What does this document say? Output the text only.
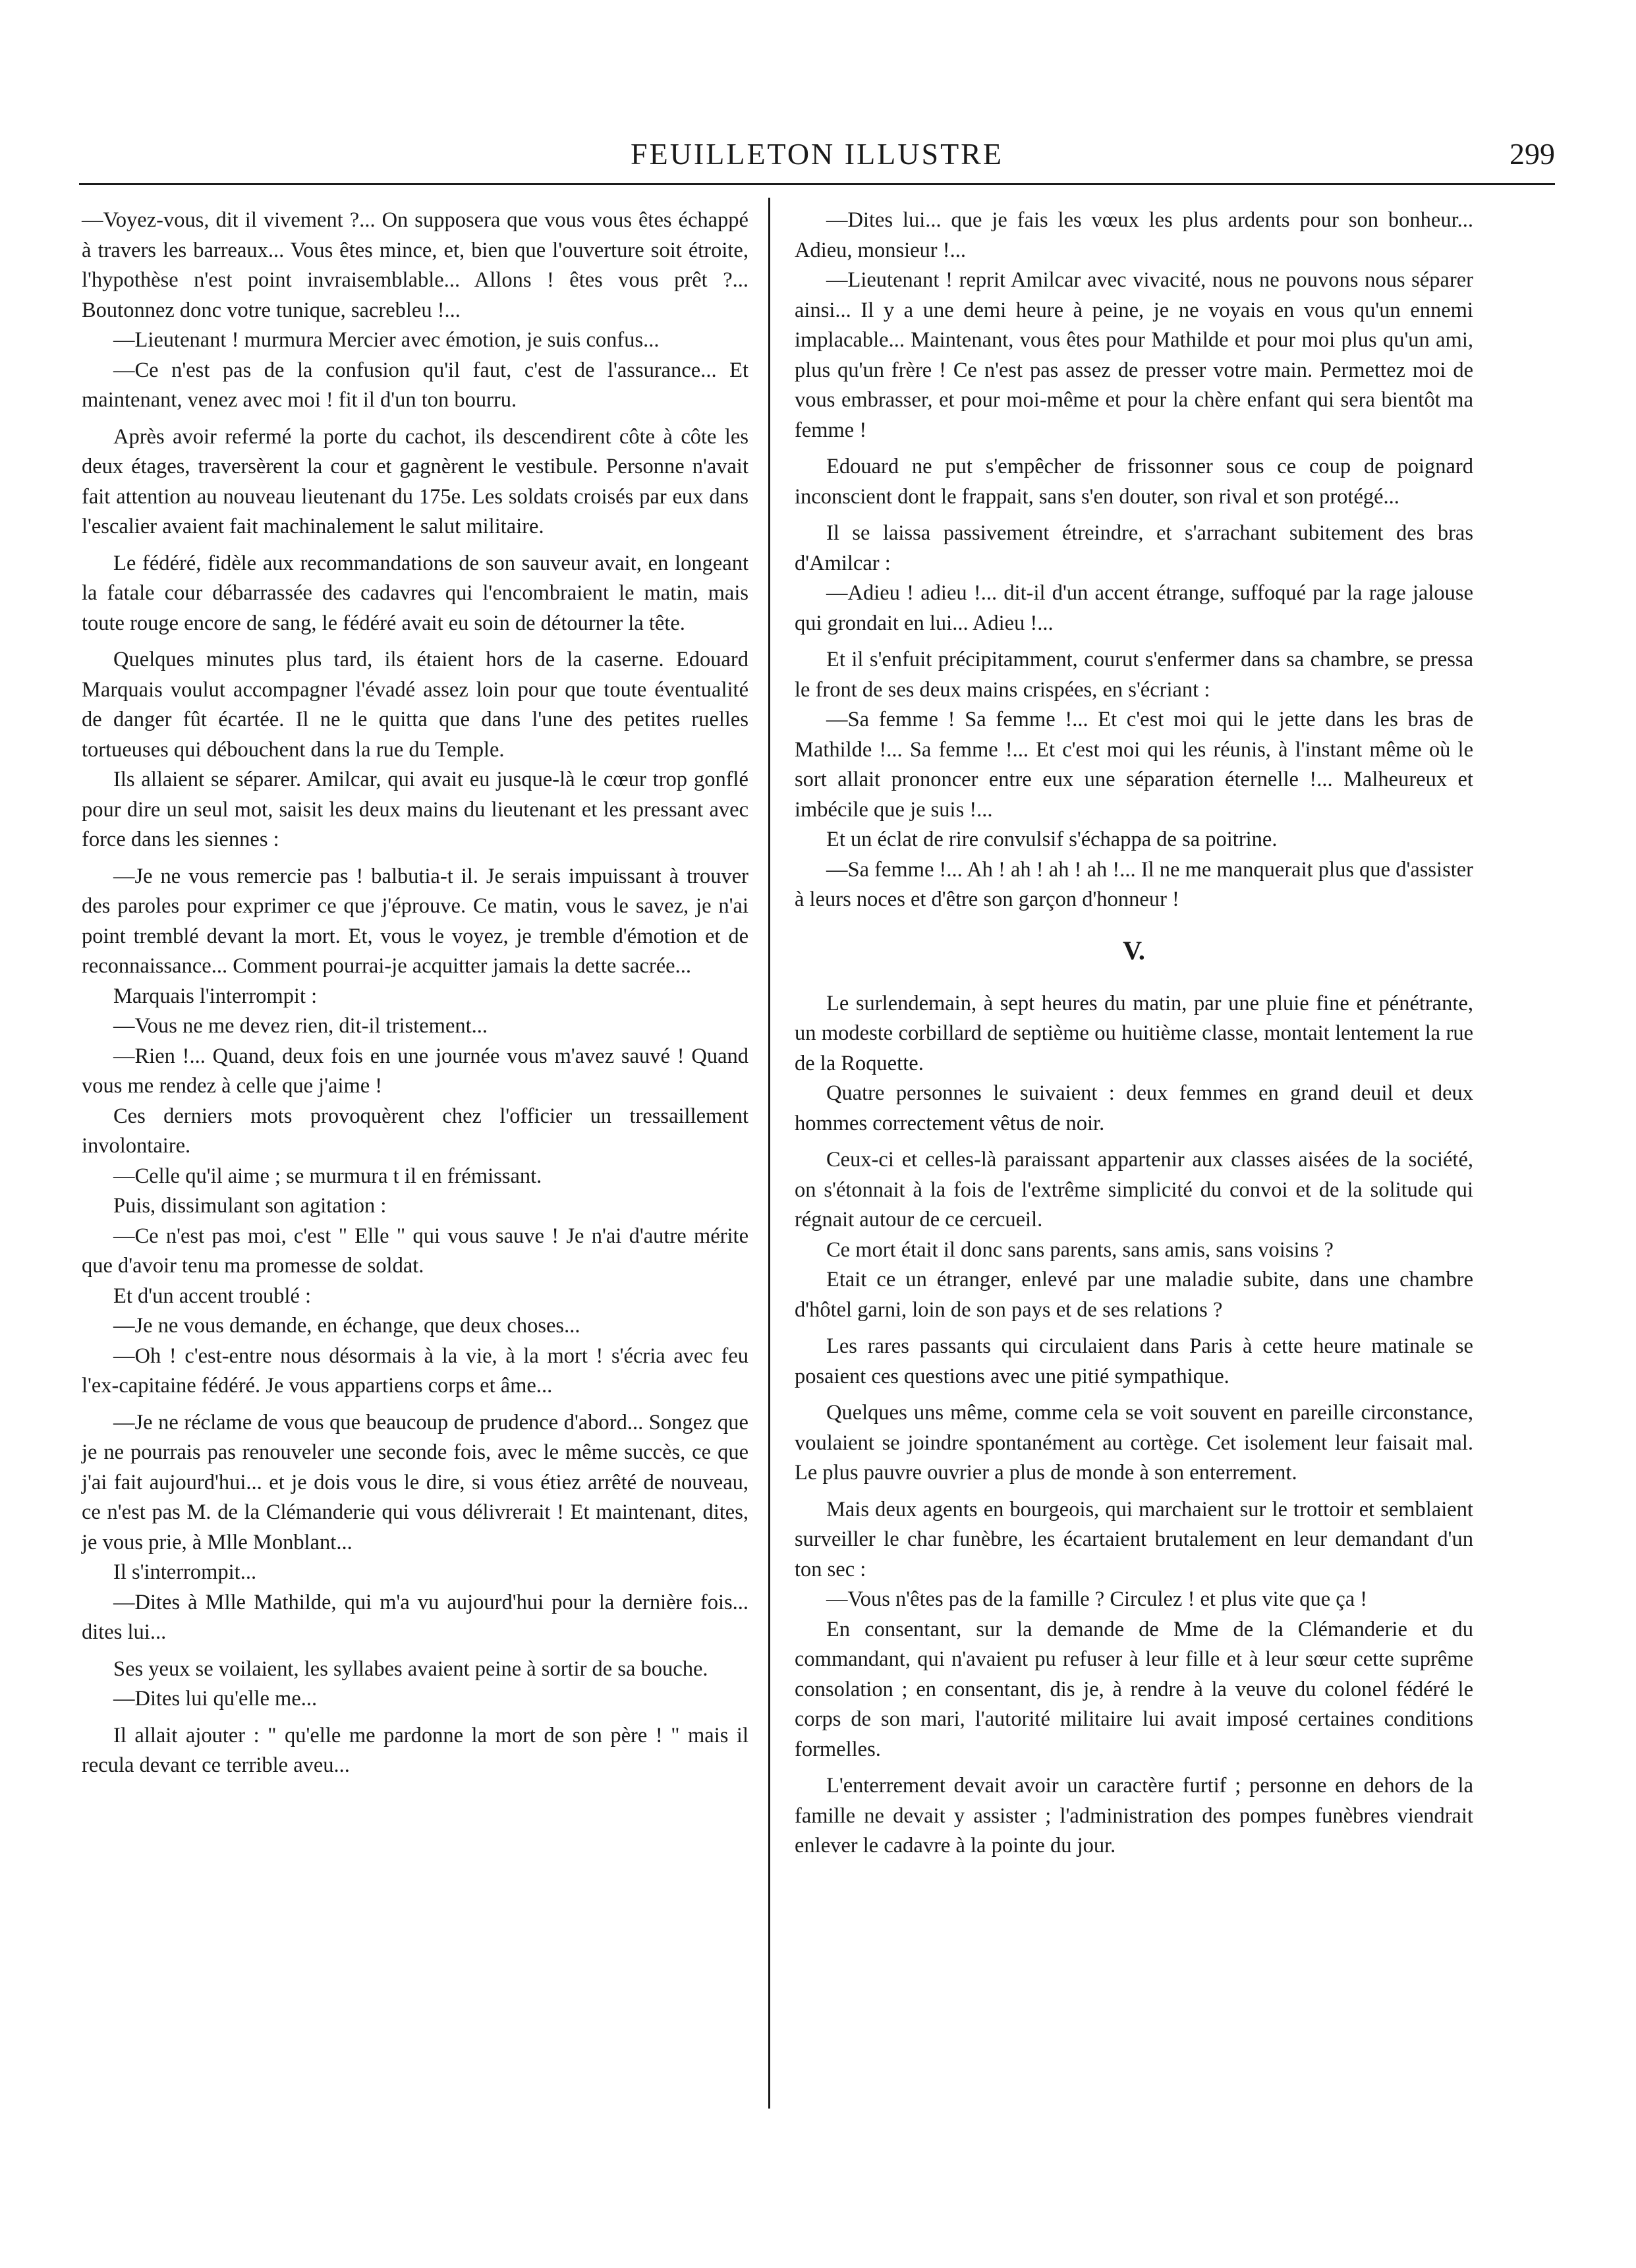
FEUILLETON ILLUSTRE	299

—Voyez-vous, dit il vivement ?... On supposera que vous vous êtes échappé à travers les barreaux... Vous êtes mince, et, bien que l'ouverture soit étroite, l'hypothèse n'est point invraisemblable... Allons ! êtes vous prêt ?... Boutonnez donc votre tunique, sacrebleu !...

—Lieutenant ! murmura Mercier avec émotion, je suis confus...

—Ce n'est pas de la confusion qu'il faut, c'est de l'assurance... Et maintenant, venez avec moi ! fit il d'un ton bourru.

Après avoir refermé la porte du cachot, ils descendirent côte à côte les deux étages, traversèrent la cour et gagnèrent le vestibule. Personne n'avait fait attention au nouveau lieutenant du 175e. Les soldats croisés par eux dans l'escalier avaient fait machinalement le salut militaire.

Le fédéré, fidèle aux recommandations de son sauveur avait, en longeant la fatale cour débarrassée des cadavres qui l'encombraient le matin, mais toute rouge encore de sang, le fédéré avait eu soin de détourner la tête.

Quelques minutes plus tard, ils étaient hors de la caserne. Edouard Marquais voulut accompagner l'évadé assez loin pour que toute éventualité de danger fût écartée. Il ne le quitta que dans l'une des petites ruelles tortueuses qui débouchent dans la rue du Temple.

Ils allaient se séparer. Amilcar, qui avait eu jusque-là le cœur trop gonflé pour dire un seul mot, saisit les deux mains du lieutenant et les pressant avec force dans les siennes :

—Je ne vous remercie pas ! balbutia-t il. Je serais impuissant à trouver des paroles pour exprimer ce que j'éprouve. Ce matin, vous le savez, je n'ai point tremblé devant la mort. Et, vous le voyez, je tremble d'émotion et de reconnaissance... Comment pourrai-je acquitter jamais la dette sacrée...

Marquais l'interrompit :

—Vous ne me devez rien, dit-il tristement...

—Rien !... Quand, deux fois en une journée vous m'avez sauvé ! Quand vous me rendez à celle que j'aime !

Ces derniers mots provoquèrent chez l'officier un tressaillement involontaire.

—Celle qu'il aime ; se murmura t il en frémissant.

Puis, dissimulant son agitation :

—Ce n'est pas moi, c'est " Elle " qui vous sauve ! Je n'ai d'autre mérite que d'avoir tenu ma promesse de soldat.

Et d'un accent troublé :

—Je ne vous demande, en échange, que deux choses...

—Oh ! c'est-entre nous désormais à la vie, à la mort ! s'écria avec feu l'ex-capitaine fédéré. Je vous appartiens corps et âme...

—Je ne réclame de vous que beaucoup de prudence d'abord... Songez que je ne pourrais pas renouveler une seconde fois, avec le même succès, ce que j'ai fait aujourd'hui... et je dois vous le dire, si vous étiez arrêté de nouveau, ce n'est pas M. de la Clémanderie qui vous délivrerait ! Et maintenant, dites, je vous prie, à Mlle Monblant...

Il s'interrompit...

—Dites à Mlle Mathilde, qui m'a vu aujourd'hui pour la dernière fois... dites lui...

Ses yeux se voilaient, les syllabes avaient peine à sortir de sa bouche.

—Dites lui qu'elle me...

Il allait ajouter : " qu'elle me pardonne la mort de son père ! " mais il recula devant ce terrible aveu...

—Dites lui... que je fais les vœux les plus ardents pour son bonheur... Adieu, monsieur !...

—Lieutenant ! reprit Amilcar avec vivacité, nous ne pouvons nous séparer ainsi... Il y a une demi heure à peine, je ne voyais en vous qu'un ennemi implacable... Maintenant, vous êtes pour Mathilde et pour moi plus qu'un ami, plus qu'un frère ! Ce n'est pas assez de presser votre main. Permettez moi de vous embrasser, et pour moi-même et pour la chère enfant qui sera bientôt ma femme !

Edouard ne put s'empêcher de frissonner sous ce coup de poignard inconscient dont le frappait, sans s'en douter, son rival et son protégé...

Il se laissa passivement étreindre, et s'arrachant subitement des bras d'Amilcar :

—Adieu ! adieu !... dit-il d'un accent étrange, suffoqué par la rage jalouse qui grondait en lui... Adieu !...

Et il s'enfuit précipitamment, courut s'enfermer dans sa chambre, se pressa le front de ses deux mains crispées, en s'écriant :

—Sa femme ! Sa femme !... Et c'est moi qui le jette dans les bras de Mathilde !... Sa femme !... Et c'est moi qui les réunis, à l'instant même où le sort allait prononcer entre eux une séparation éternelle !... Malheureux et imbécile que je suis !...

Et un éclat de rire convulsif s'échappa de sa poitrine.

—Sa femme !... Ah ! ah ! ah ! ah !... Il ne me manquerait plus que d'assister à leurs noces et d'être son garçon d'honneur !

V.

Le surlendemain, à sept heures du matin, par une pluie fine et pénétrante, un modeste corbillard de septième ou huitième classe, montait lentement la rue de la Roquette.

Quatre personnes le suivaient : deux femmes en grand deuil et deux hommes correctement vêtus de noir.

Ceux-ci et celles-là paraissant appartenir aux classes aisées de la société, on s'étonnait à la fois de l'extrême simplicité du convoi et de la solitude qui régnait autour de ce cercueil.

Ce mort était il donc sans parents, sans amis, sans voisins ?

Etait ce un étranger, enlevé par une maladie subite, dans une chambre d'hôtel garni, loin de son pays et de ses relations ?

Les rares passants qui circulaient dans Paris à cette heure matinale se posaient ces questions avec une pitié sympathique.

Quelques uns même, comme cela se voit souvent en pareille circonstance, voulaient se joindre spontanément au cortège. Cet isolement leur faisait mal. Le plus pauvre ouvrier a plus de monde à son enterrement.

Mais deux agents en bourgeois, qui marchaient sur le trottoir et semblaient surveiller le char funèbre, les écartaient brutalement en leur demandant d'un ton sec :

—Vous n'êtes pas de la famille ? Circulez ! et plus vite que ça !

En consentant, sur la demande de Mme de la Clémanderie et du commandant, qui n'avaient pu refuser à leur fille et à leur sœur cette suprême consolation ; en consentant, dis je, à rendre à la veuve du colonel fédéré le corps de son mari, l'autorité militaire lui avait imposé certaines conditions formelles.

L'enterrement devait avoir un caractère furtif ; personne en dehors de la famille ne devait y assister ; l'administration des pompes funèbres viendrait enlever le cadavre à la pointe du jour.
